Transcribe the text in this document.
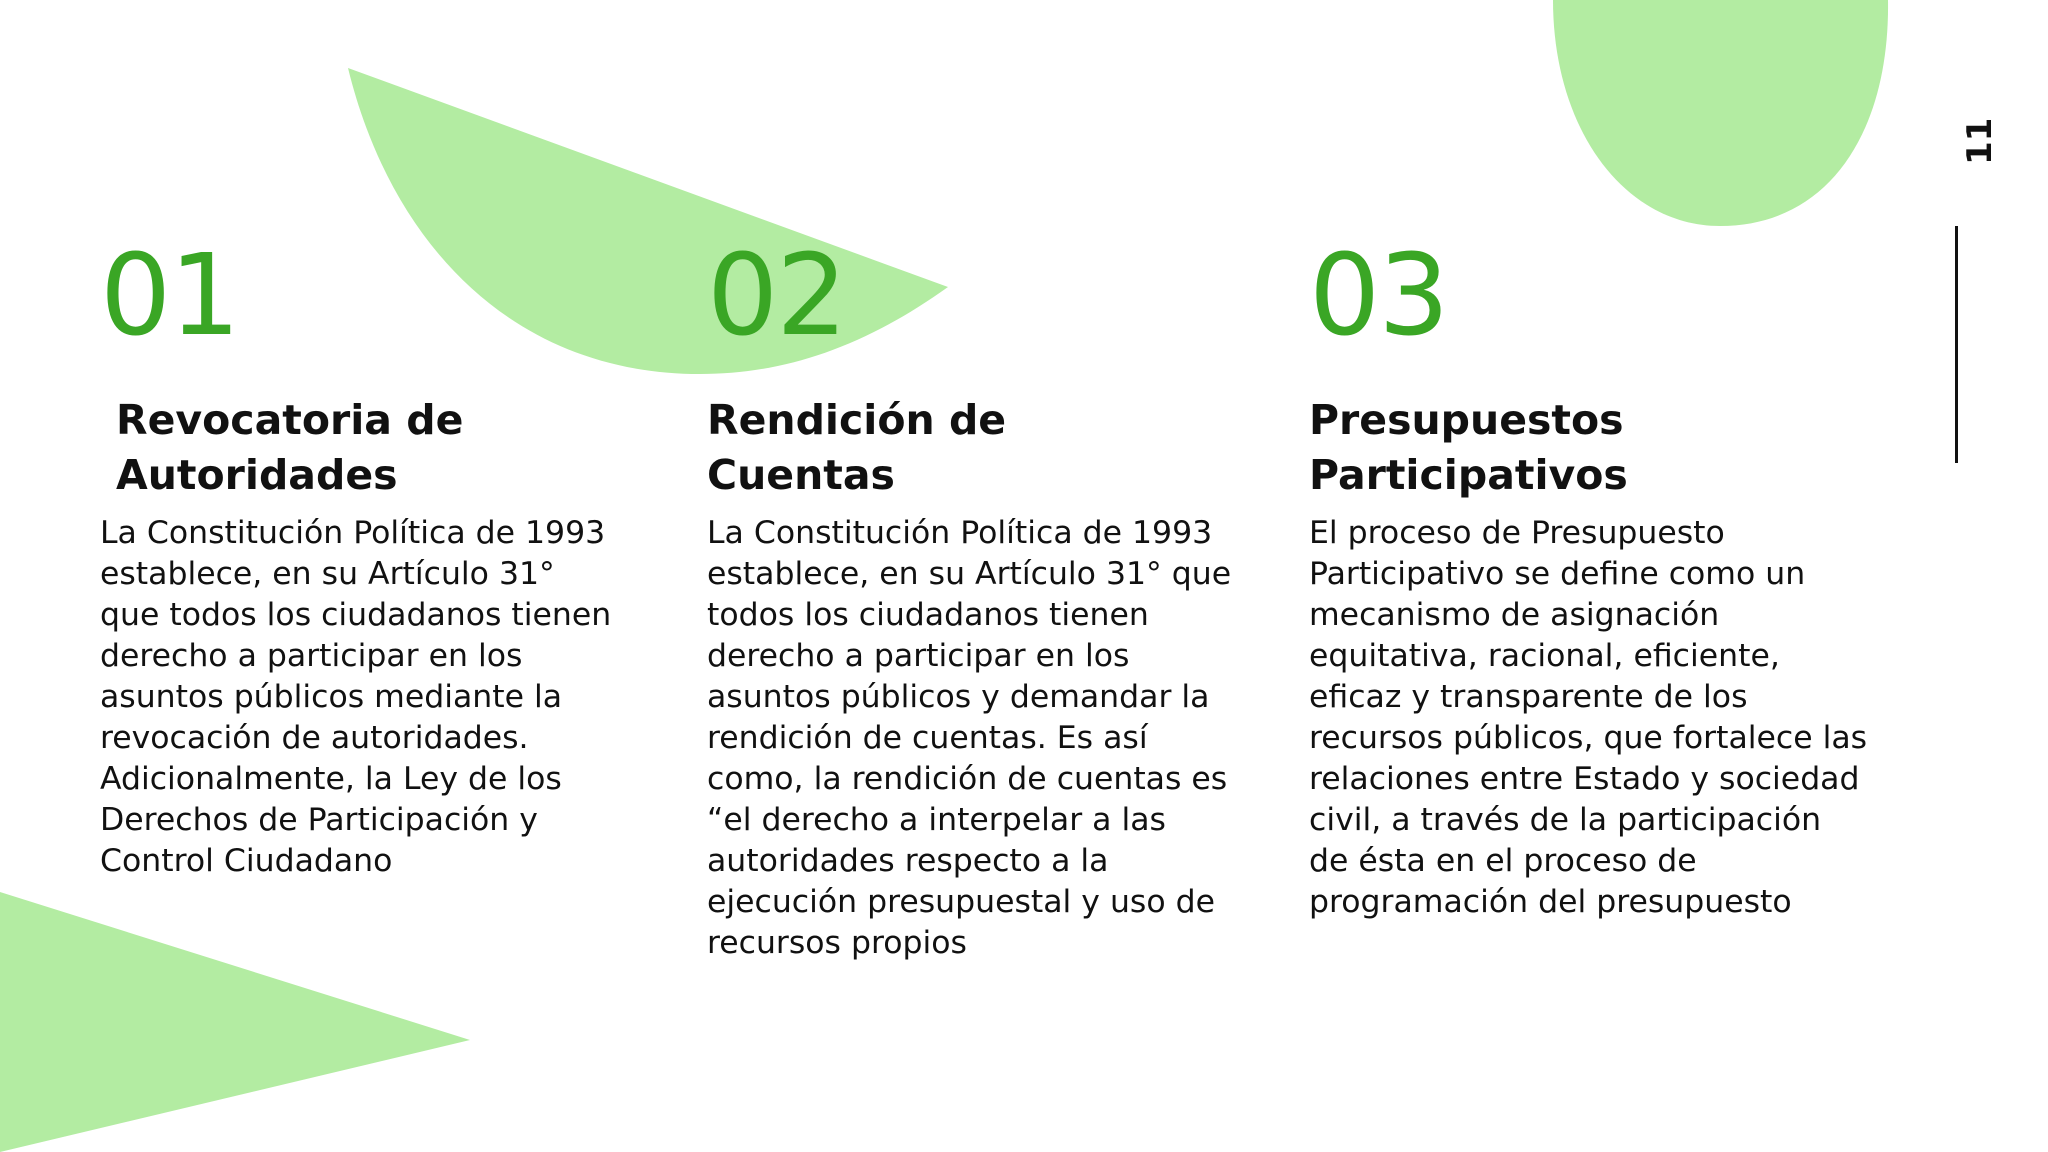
01
Revocatoria de Autoridades
La Constitución Política de 1993 establece, en su Artículo 31° que todos los ciudadanos tienen derecho a participar en los asuntos públicos mediante la revocación de autoridades. Adicionalmente, la Ley de los Derechos de Participación y Control Ciudadano
02
Rendición de Cuentas
La Constitución Política de 1993 establece, en su Artículo 31° que todos los ciudadanos tienen derecho a participar en los asuntos públicos y demandar la rendición de cuentas. Es así como, la rendición de cuentas es “el derecho a interpelar a las autoridades respecto a la ejecución presupuestal y uso de recursos propios
03
Presupuestos Participativos
El proceso de Presupuesto Participativo se define como un mecanismo de asignación equitativa, racional, eficiente, eficaz y transparente de los recursos públicos, que fortalece las relaciones entre Estado y sociedad civil, a través de la participación de ésta en el proceso de programación del presupuesto
11
